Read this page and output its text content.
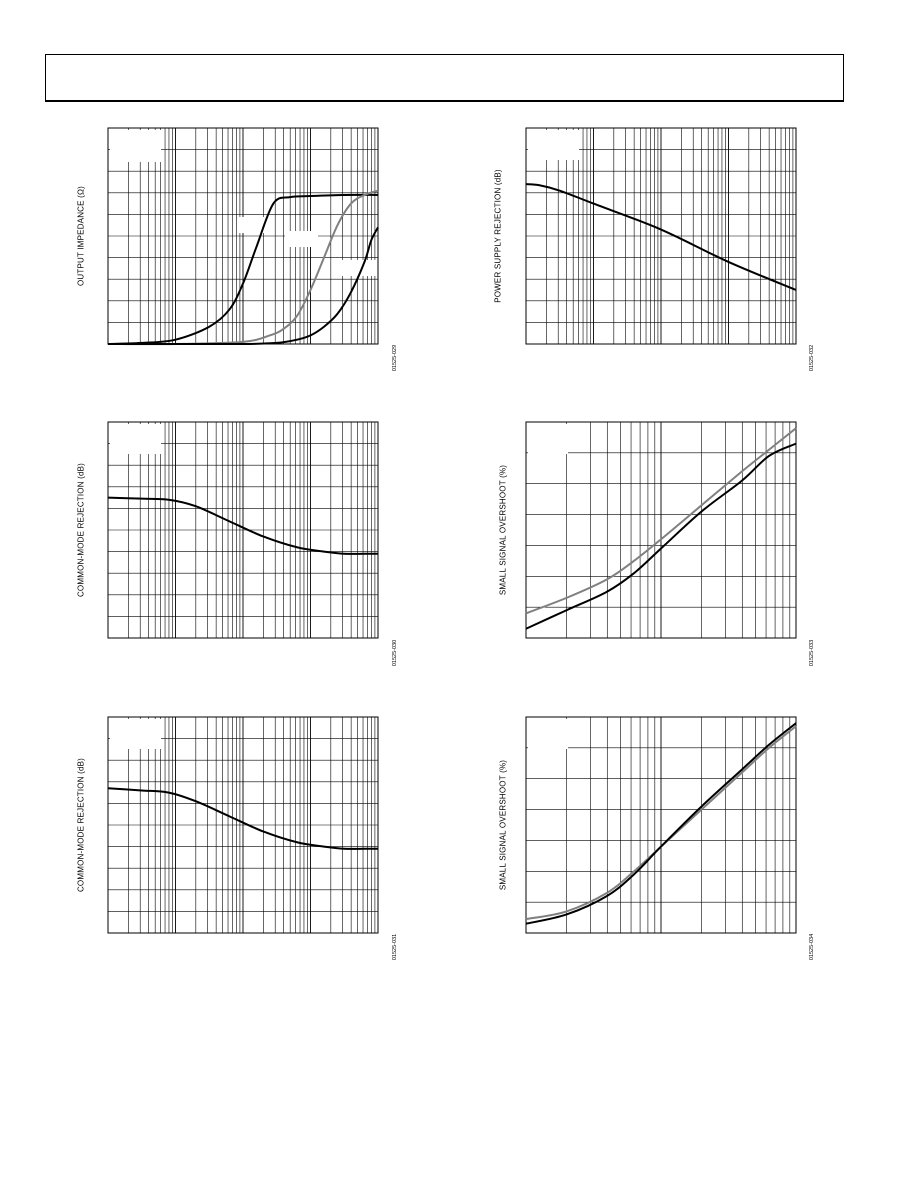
OUTPUT IMPEDANCE (Ω)
01525-029
POWER SUPPLY REJECTION (dB)
01525-032
COMMON-MODE REJECTION (dB)
01525-030
SMALL SIGNAL OVERSHOOT (%)
01525-033
COMMON-MODE REJECTION (dB)
01525-031
SMALL SIGNAL OVERSHOOT (%)
01525-034
